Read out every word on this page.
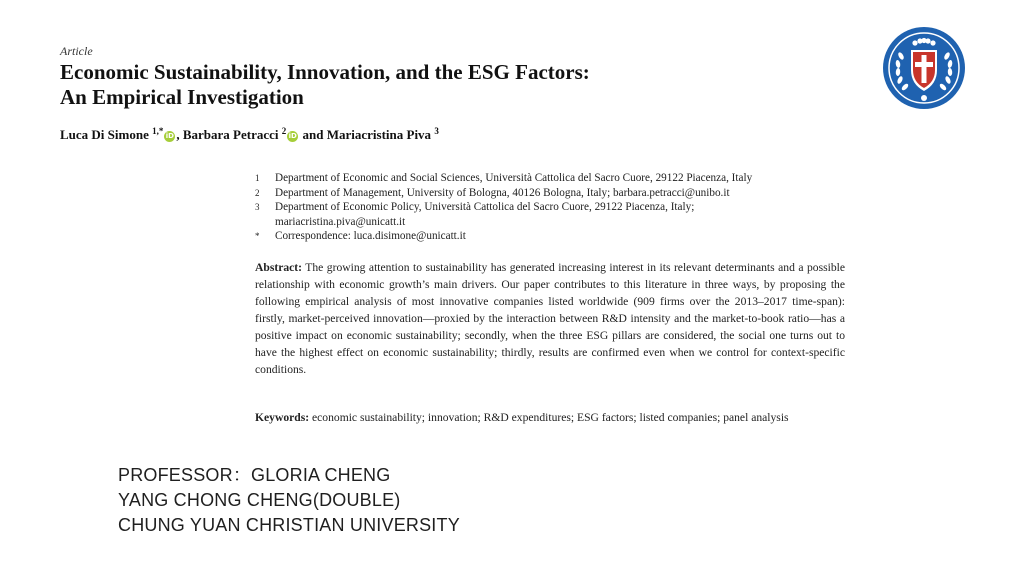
Article
Economic Sustainability, Innovation, and the ESG Factors:
An Empirical Investigation
Luca Di Simone $^{1,*}$ iD , Barbara Petracci $^2$ iD and Mariacristina Piva $^3$
1	Department of Economic and Social Sciences, Università Cattolica del Sacro Cuore, 29122 Piacenza, Italy
2	Department of Management, University of Bologna, 40126 Bologna, Italy; barbara.petracci@unibo.it
3	Department of Economic Policy, Università Cattolica del Sacro Cuore, 29122 Piacenza, Italy;
mariacristina.piva@unicatt.it
*	Correspondence: luca.disimone@unicatt.it
Abstract: The growing attention to sustainability has generated increasing interest in its relevant determinants and a possible relationship with economic growth’s main drivers. Our paper contributes to this literature in three ways, by proposing the following empirical analysis of most innovative companies listed worldwide (909 firms over the 2013–2017 time-span): firstly, market-perceived innovation—proxied by the interaction between R&D intensity and the market-to-book ratio—has a positive impact on economic sustainability; secondly, when the three ESG pillars are considered, the social one turns out to have the highest effect on economic sustainability; thirdly, results are confirmed even when we control for context-specific conditions.
Keywords: economic sustainability; innovation; R&D expenditures; ESG factors; listed companies; panel analysis
PROFESSOR：GLORIA CHENG
YANG CHONG CHENG(DOUBLE)
CHUNG YUAN CHRISTIAN UNIVERSITY
